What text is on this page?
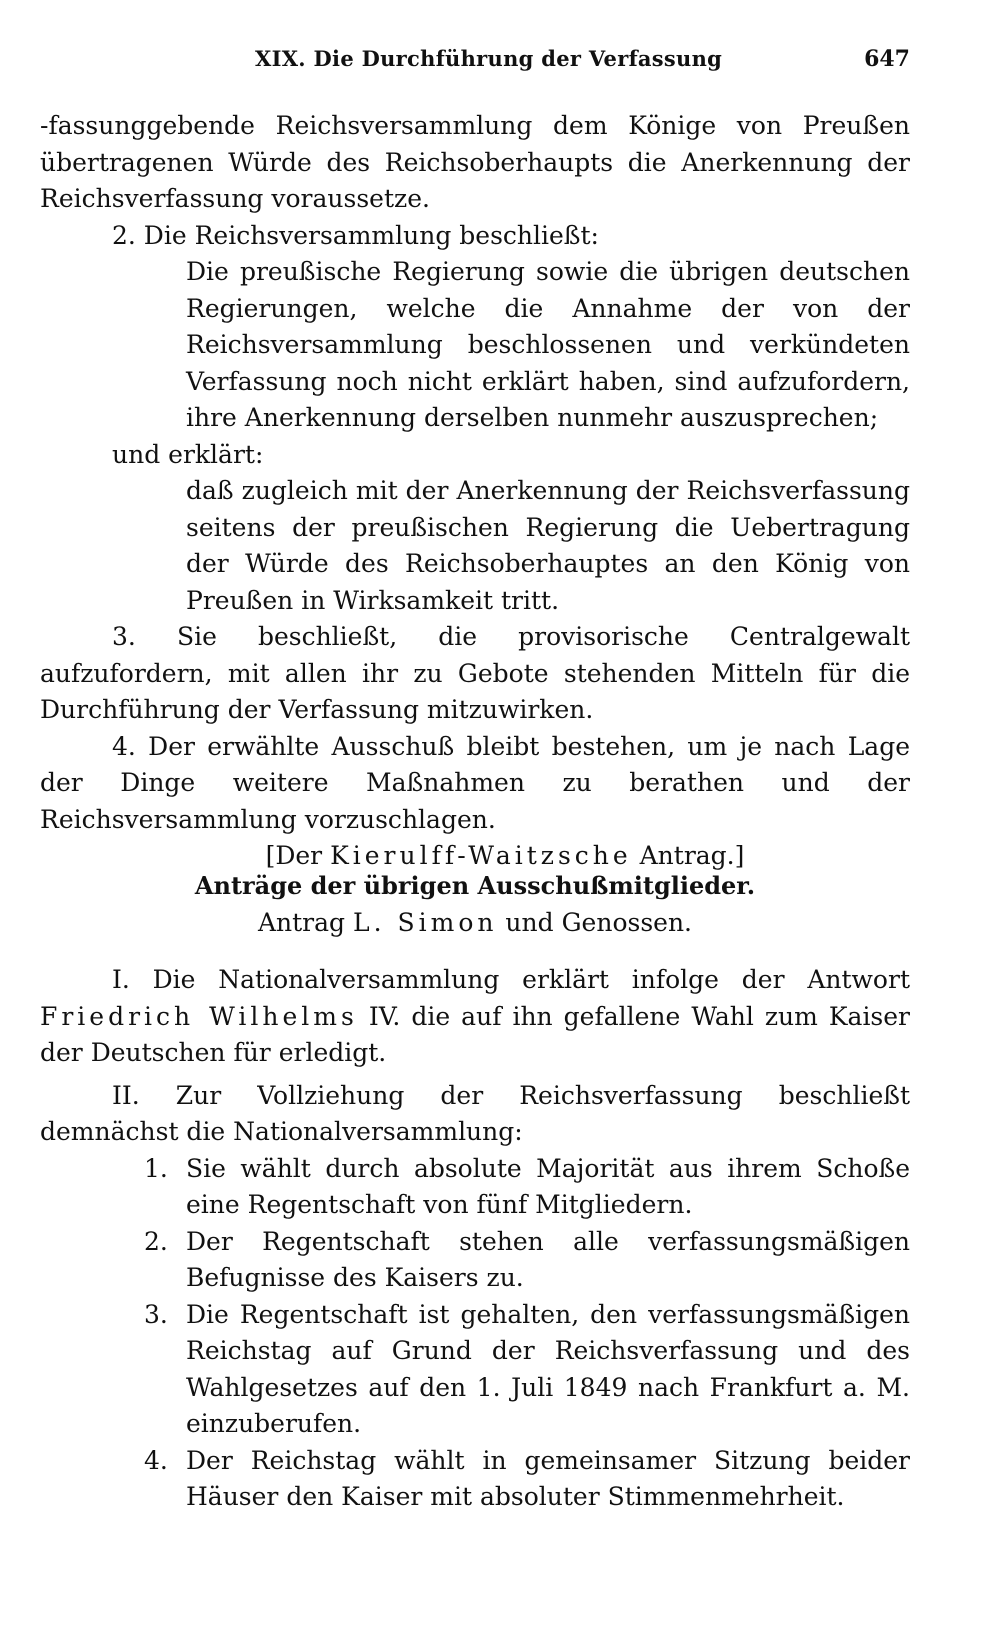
XIX. Die Durchführung der Verfassung	647

-fassunggebende Reichsversammlung dem Könige von Preußen übertragenen Würde des Reichsoberhaupts die Anerkennung der Reichsverfassung voraussetze.

2. Die Reichsversammlung beschließt:

Die preußische Regierung sowie die übrigen deutschen Regierungen, welche die Annahme der von der Reichsversammlung beschlossenen und verkündeten Verfassung noch nicht erklärt haben, sind aufzufordern, ihre Anerkennung derselben nunmehr auszusprechen;

und erklärt:

daß zugleich mit der Anerkennung der Reichsverfassung seitens der preußischen Regierung die Uebertragung der Würde des Reichsoberhauptes an den König von Preußen in Wirksamkeit tritt.

3. Sie beschließt, die provisorische Centralgewalt aufzufordern, mit allen ihr zu Gebote stehenden Mitteln für die Durchführung der Verfassung mitzuwirken.

4. Der erwählte Ausschuß bleibt bestehen, um je nach Lage der Dinge weitere Maßnahmen zu berathen und der Reichsversammlung vorzuschlagen.

[Der Kierulff-Waitzsche Antrag.]

Anträge der übrigen Ausschußmitglieder.

Antrag L. Simon und Genossen.

I. Die Nationalversammlung erklärt infolge der Antwort Friedrich Wilhelms IV. die auf ihn gefallene Wahl zum Kaiser der Deutschen für erledigt.

II. Zur Vollziehung der Reichsverfassung beschließt demnächst die Nationalversammlung:

1. Sie wählt durch absolute Majorität aus ihrem Schoße eine Regentschaft von fünf Mitgliedern.
2. Der Regentschaft stehen alle verfassungsmäßigen Befugnisse des Kaisers zu.
3. Die Regentschaft ist gehalten, den verfassungsmäßigen Reichstag auf Grund der Reichsverfassung und des Wahlgesetzes auf den 1. Juli 1849 nach Frankfurt a. M. einzuberufen.
4. Der Reichstag wählt in gemeinsamer Sitzung beider Häuser den Kaiser mit absoluter Stimmenmehrheit.
